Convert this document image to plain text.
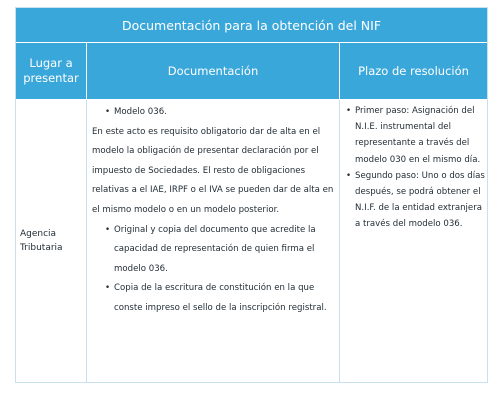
Documentación para la obtención del NIF
Lugar a presentar
Documentación	Plazo de resolución
Agencia Tributaria
• Modelo 036.

En este acto es requisito obligatorio dar de alta en el modelo la obligación de presentar declaración por el impuesto de Sociedades. El resto de obligaciones relativas a el IAE, IRPF o el IVA se pueden dar de alta en el mismo modelo o en un modelo posterior.

• Original y copia del documento que acredite la capacidad de representación de quien firma el modelo 036.
• Copia de la escritura de constitución en la que conste impreso el sello de la inscripción registral.
• Primer paso: Asignación del N.I.E. instrumental del representante a través del modelo 030 en el mismo día.
• Segundo paso: Uno o dos días después, se podrá obtener el N.I.F. de la entidad extranjera a través del modelo 036.
